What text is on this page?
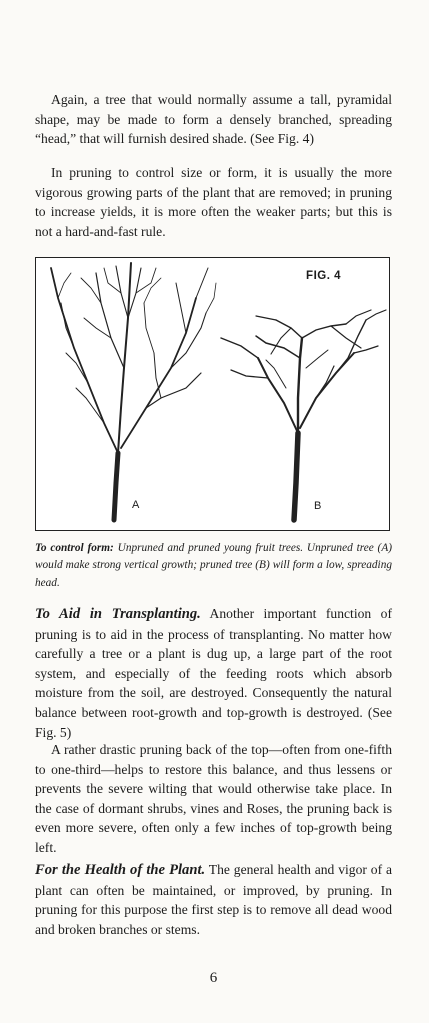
Again, a tree that would normally assume a tall, pyramidal shape, may be made to form a densely branched, spreading “head,” that will furnish desired shade. (See Fig. 4)

In pruning to control size or form, it is usually the more vigorous growing parts of the plant that are removed; in pruning to increase yields, it is more often the weaker parts; but this is not a hard-and-fast rule.

FIG. 4
A	B

To control form: Unpruned and pruned young fruit trees. Unpruned tree (A) would make strong vertical growth; pruned tree (B) will form a low, spreading head.

To Aid in Transplanting. Another important function of pruning is to aid in the process of transplanting. No matter how carefully a tree or a plant is dug up, a large part of the root system, and especially of the feeding roots which absorb moisture from the soil, are destroyed. Consequently the natural balance between root-growth and top-growth is destroyed. (See Fig. 5)

A rather drastic pruning back of the top—often from one-fifth to one-third—helps to restore this balance, and thus lessens or prevents the severe wilting that would otherwise take place. In the case of dormant shrubs, vines and Roses, the pruning back is even more severe, often only a few inches of top-growth being left.

For the Health of the Plant. The general health and vigor of a plant can often be maintained, or improved, by pruning. In pruning for this purpose the first step is to remove all dead wood and broken branches or stems.

6
